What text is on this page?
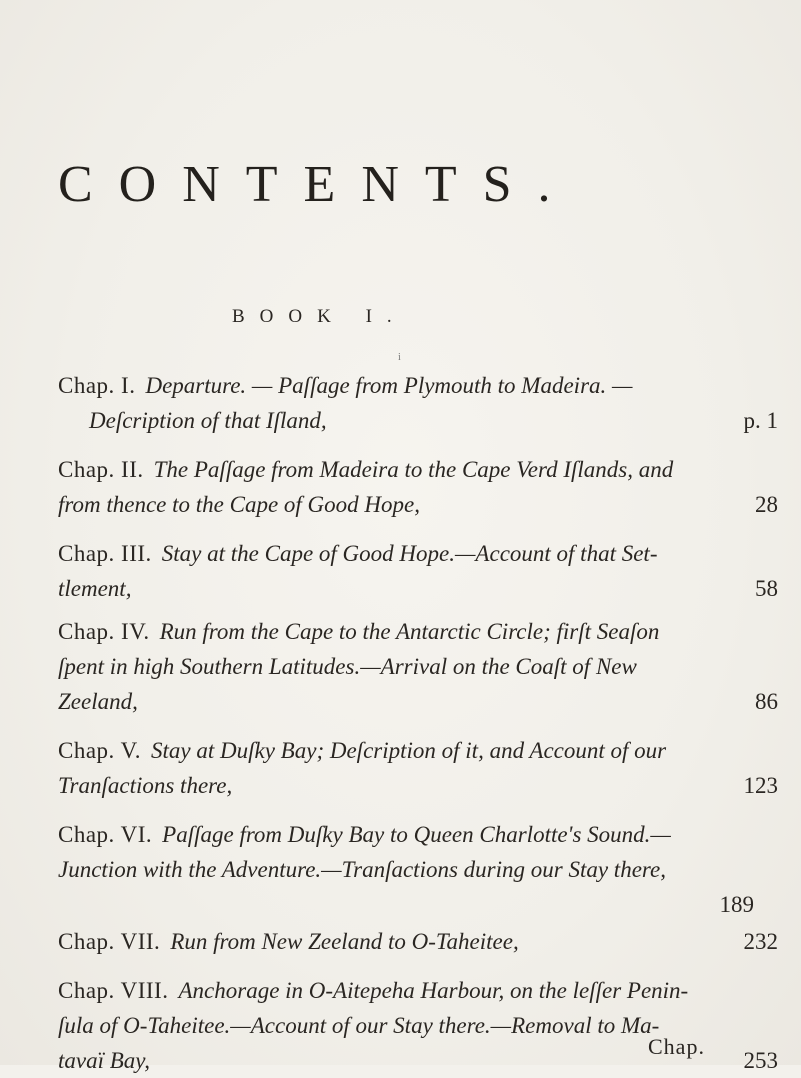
CONTENTS.
BOOK I.
i
Chap. I. Departure. — Paſſage from Plymouth to Madeira. —
Deſcription of that Iſland,	p. 1
Chap. II. The Paſſage from Madeira to the Cape Verd Iſlands, and
from thence to the Cape of Good Hope,	28
Chap. III. Stay at the Cape of Good Hope.—Account of that Set-
tlement,	58
Chap. IV. Run from the Cape to the Antarctic Circle; firſt Seaſon
ſpent in high Southern Latitudes.—Arrival on the Coaſt of New
Zeeland,	86
Chap. V. Stay at Duſky Bay; Deſcription of it, and Account of our
Tranſactions there,	123
Chap. VI. Paſſage from Duſky Bay to Queen Charlotte's Sound.—
Junction with the Adventure.—Tranſactions during our Stay there,
189
Chap. VII. Run from New Zeeland to O-Taheitee,	232
Chap. VIII. Anchorage in O-Aitepeha Harbour, on the leſſer Penin-
ſula of O-Taheitee.—Account of our Stay there.—Removal to Ma-
tavaï Bay,	253
Chap.
